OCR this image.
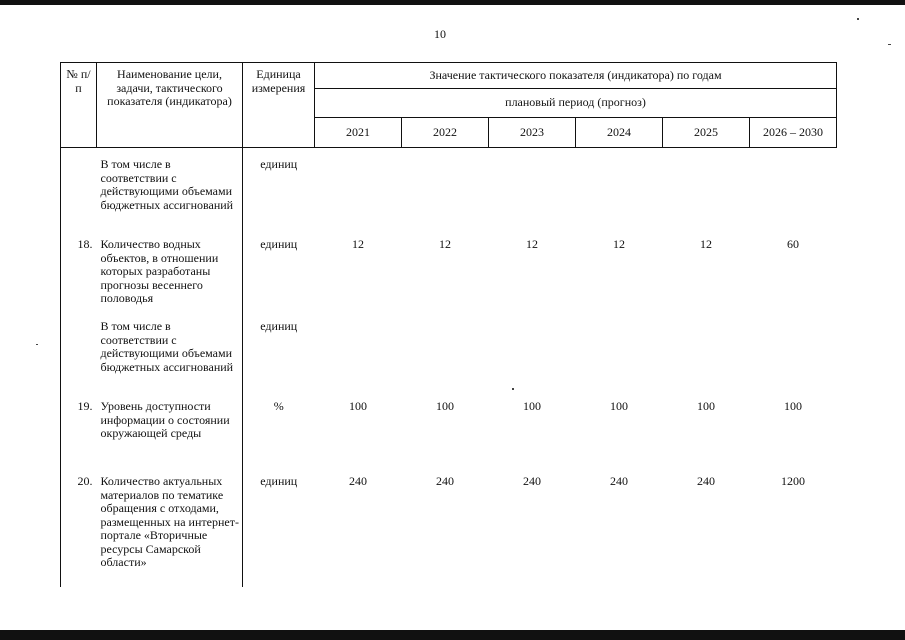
10
№ п/п	Наименование цели, задачи, тактического показателя (индикатора)	Единица измерения	Значение тактического показателя (индикатора) по годам					
			плановый период (прогноз)					
			2021	2022	2023	2024	2025	2026 – 2030
	В том числе в соответствии с действующими объемами бюджетных ассигнований	единиц						
18.	Количество водных объектов, в отношении которых разработаны прогнозы весеннего половодья	единиц	12	12	12	12	12	60
	В том числе в соответствии с действующими объемами бюджетных ассигнований	единиц						
19.	Уровень доступности информации о состоянии окружающей среды	%	100	100	100	100	100	100
20.	Количество актуальных материалов по тематике обращения с отходами, размещенных на интернет-портале «Вторичные ресурсы Самарской области»	единиц	240	240	240	240	240	1200
